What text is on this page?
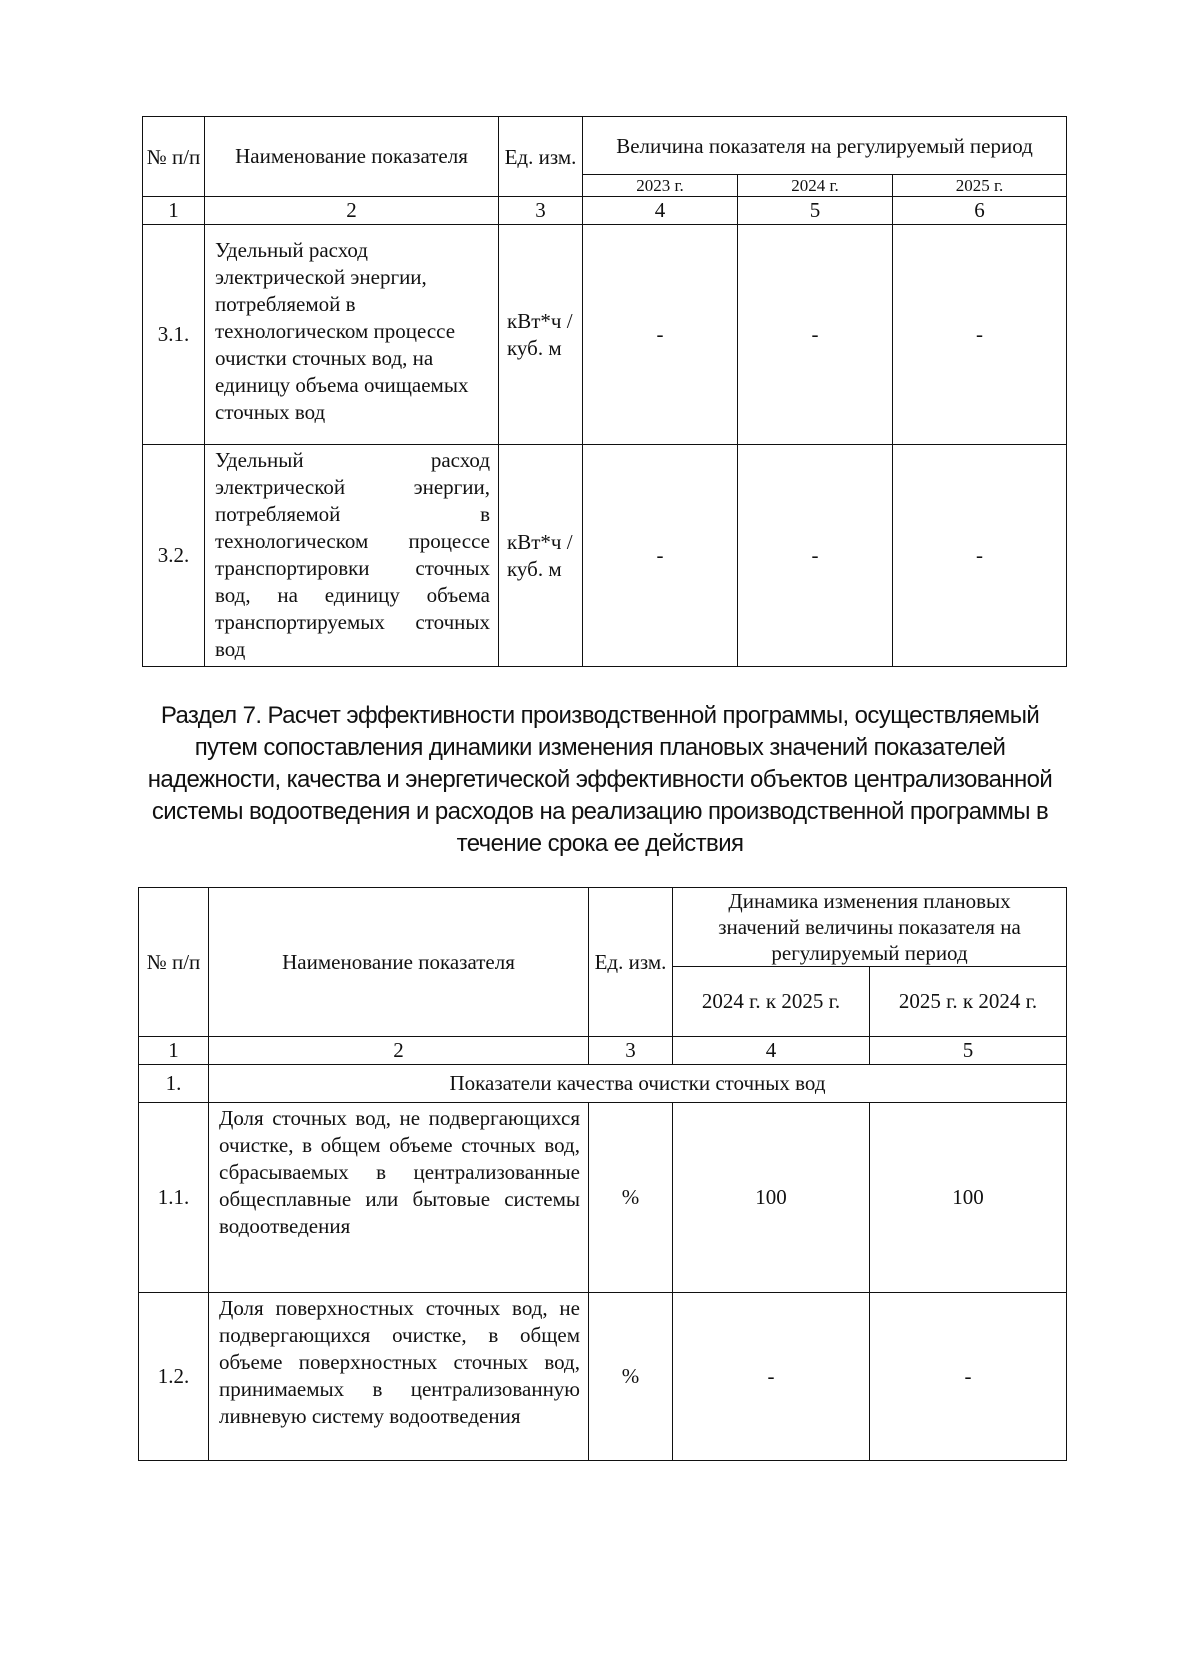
№ п/п	Наименование показателя	Ед. изм.	Величина показателя на регулируемый период		
			2023 г.	2024 г.	2025 г.
1	2	3	4	5	6
3.1.	Удельный расход электрической энергии, потребляемой в технологическом процессе очистки сточных вод, на единицу объема очищаемых сточных вод	кВт*ч /куб. м	-	-	-
3.2.	Удельный расход электрической энергии, потребляемой в технологическом процессе транспортировки сточных вод, на единицу объема транспортируемых сточных вод	кВт*ч / куб. м	-	-	-
Раздел 7. Расчет эффективности производственной программы, осуществляемый
путем сопоставления динамики изменения плановых значений показателей
надежности, качества и энергетической эффективности объектов централизованной
системы водоотведения и расходов на реализацию производственной программы в
течение срока ее действия
№ п/п	Наименование показателя	Ед. изм.	Динамика изменения плановых значений величины показателя на регулируемый период	
			2024 г. к 2025 г.	2025 г. к 2024 г.
1	2	3	4	5
1.	Показатели качества очистки сточных вод			
1.1.	Доля сточных вод, не подвергающихся очистке, в общем объеме сточных вод, сбрасываемых в централизованные общесплавные или бытовые системы водоотведения	%	100	100
1.2.	Доля поверхностных сточных вод, не подвергающихся очистке, в общем объеме поверхностных сточных вод, принимаемых в централизованную ливневую систему водоотведения	%	-	-
